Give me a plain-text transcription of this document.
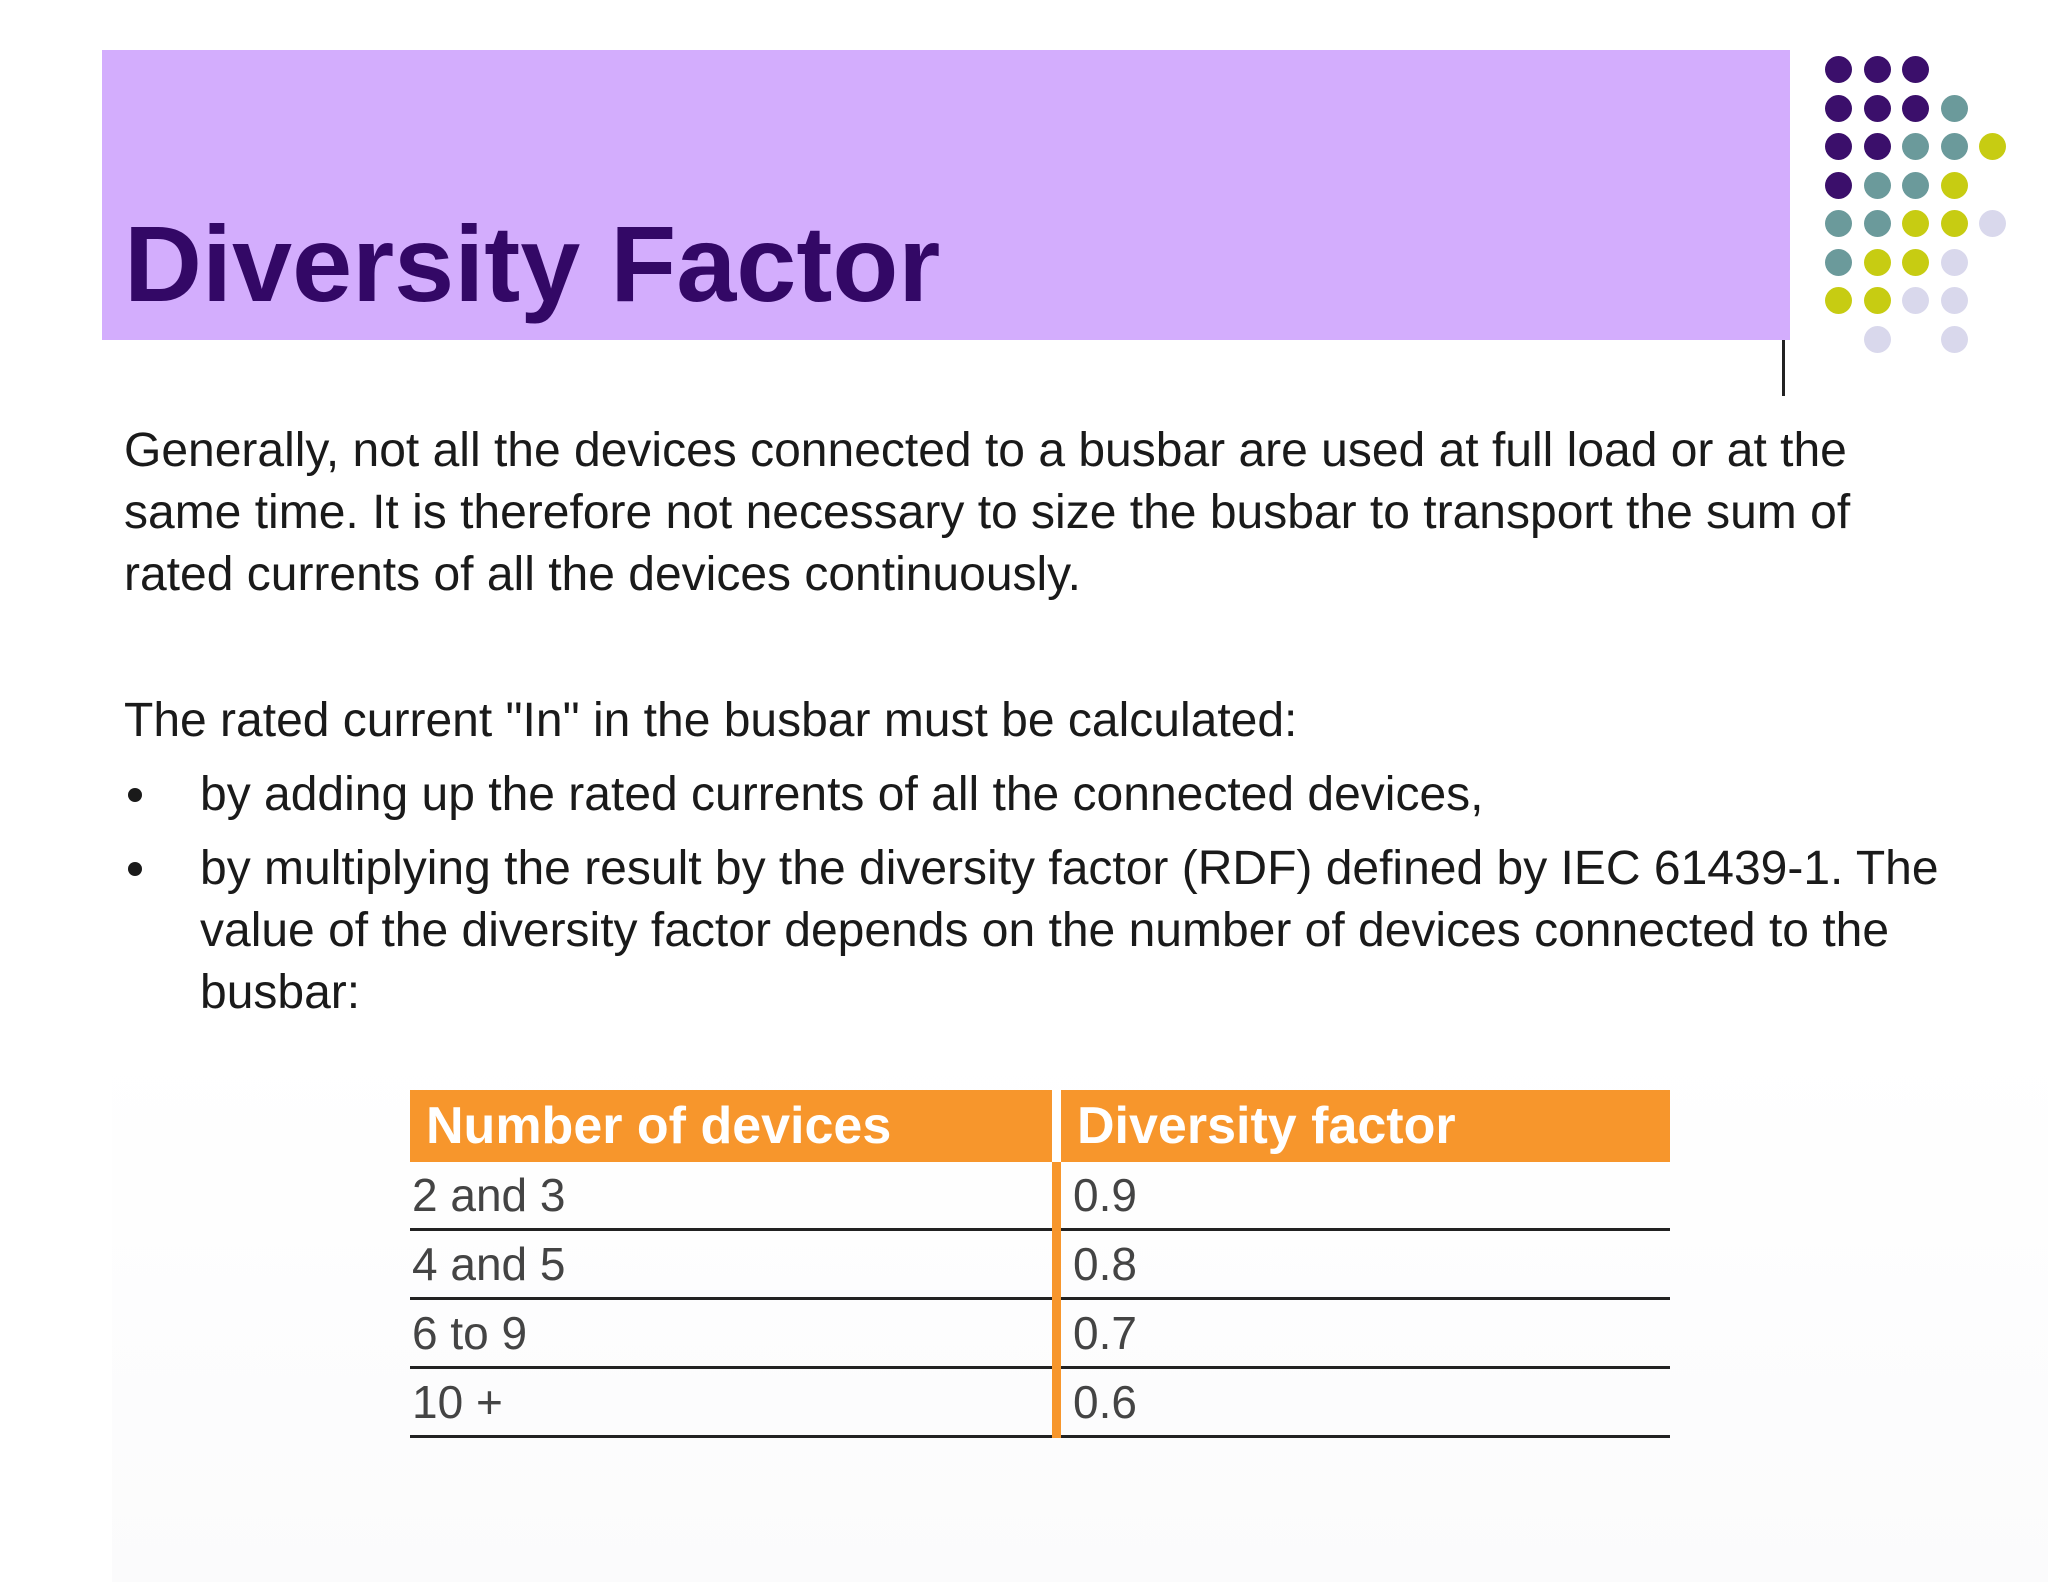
Diversity Factor

Generally, not all the devices connected to a busbar are used at full load or at the same time. It is therefore not necessary to size the busbar to transport the sum of rated currents of all the devices continuously.

The rated current "In" in the busbar must be calculated:

by adding up the rated currents of all the connected devices,
by multiplying the result by the diversity factor (RDF) defined by IEC 61439-1. The value of the diversity factor depends on the number of devices connected to the busbar:
Number of devices	Diversity factor
2 and 3	0.9
4 and 5	0.8
6 to 9	0.7
10 +	0.6
